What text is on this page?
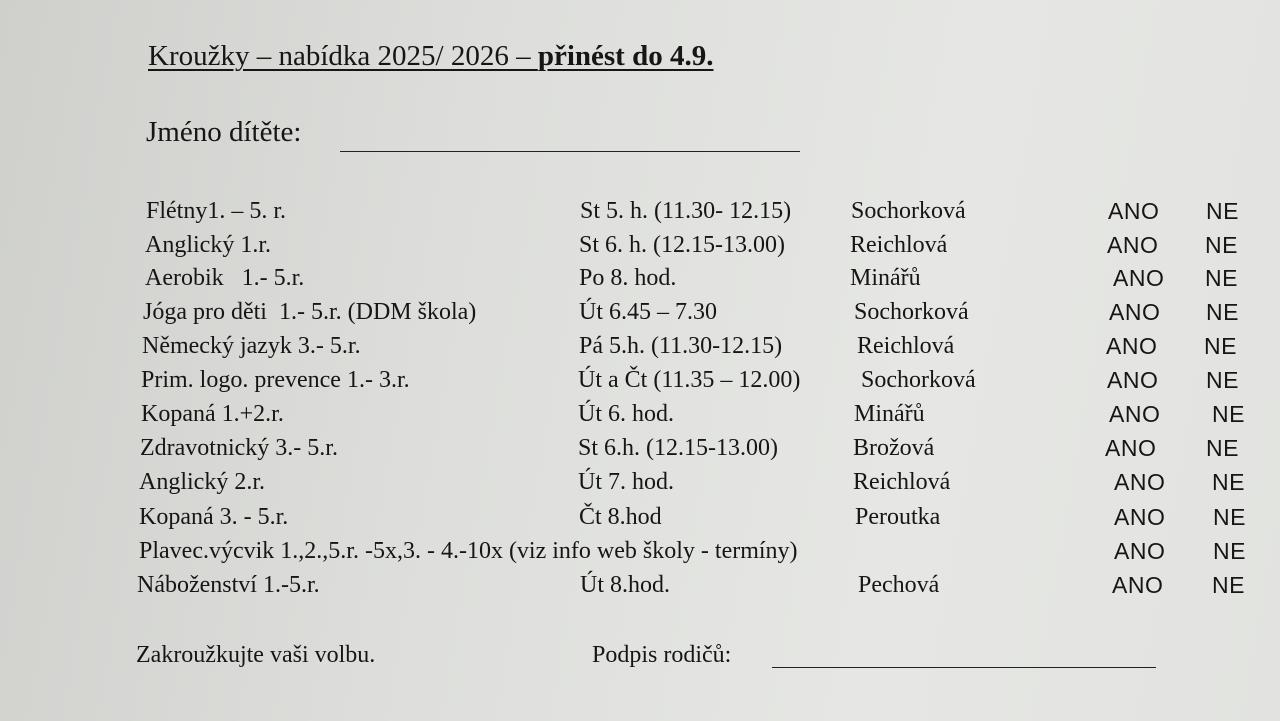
Kroužky – nabídka 2025/ 2026 – přinést do 4.9.
Jméno dítěte:
Flétny1. – 5. r.	St 5. h. (11.30- 12.15) Sochorková	ANO NE
Anglický 1.r.	St 6. h. (12.15-13.00)	Reichlová	ANO NE
Aerobik   1.- 5.r.	Po 8. hod.	Minářů	ANO NE
Jóga pro děti  1.- 5.r. (DDM škola)	Út 6.45 – 7.30	Sochorková	ANO NE
Německý jazyk 3.- 5.r.	Pá 5.h. (11.30-12.15)	Reichlová	ANO NE
Prim. logo. prevence 1.- 3.r.	Út a Čt (11.35 – 12.00)	Sochorková	ANO NE
Kopaná 1.+2.r.	Út 6. hod.	Minářů	ANO NE
Zdravotnický 3.- 5.r.	St 6.h. (12.15-13.00)	Brožová	ANO NE
Anglický 2.r.	Út 7. hod.	Reichlová	ANO NE
Kopaná 3. - 5.r.	Čt 8.hod	Peroutka	ANO NE
Plavec.výcvik 1.,2.,5.r. -5x,3. - 4.-10x (viz info web školy - termíny)	ANO NE
Náboženství 1.-5.r.	Út 8.hod.	Pechová	ANO NE
Zakroužkujte vaši volbu.	Podpis rodičů:
